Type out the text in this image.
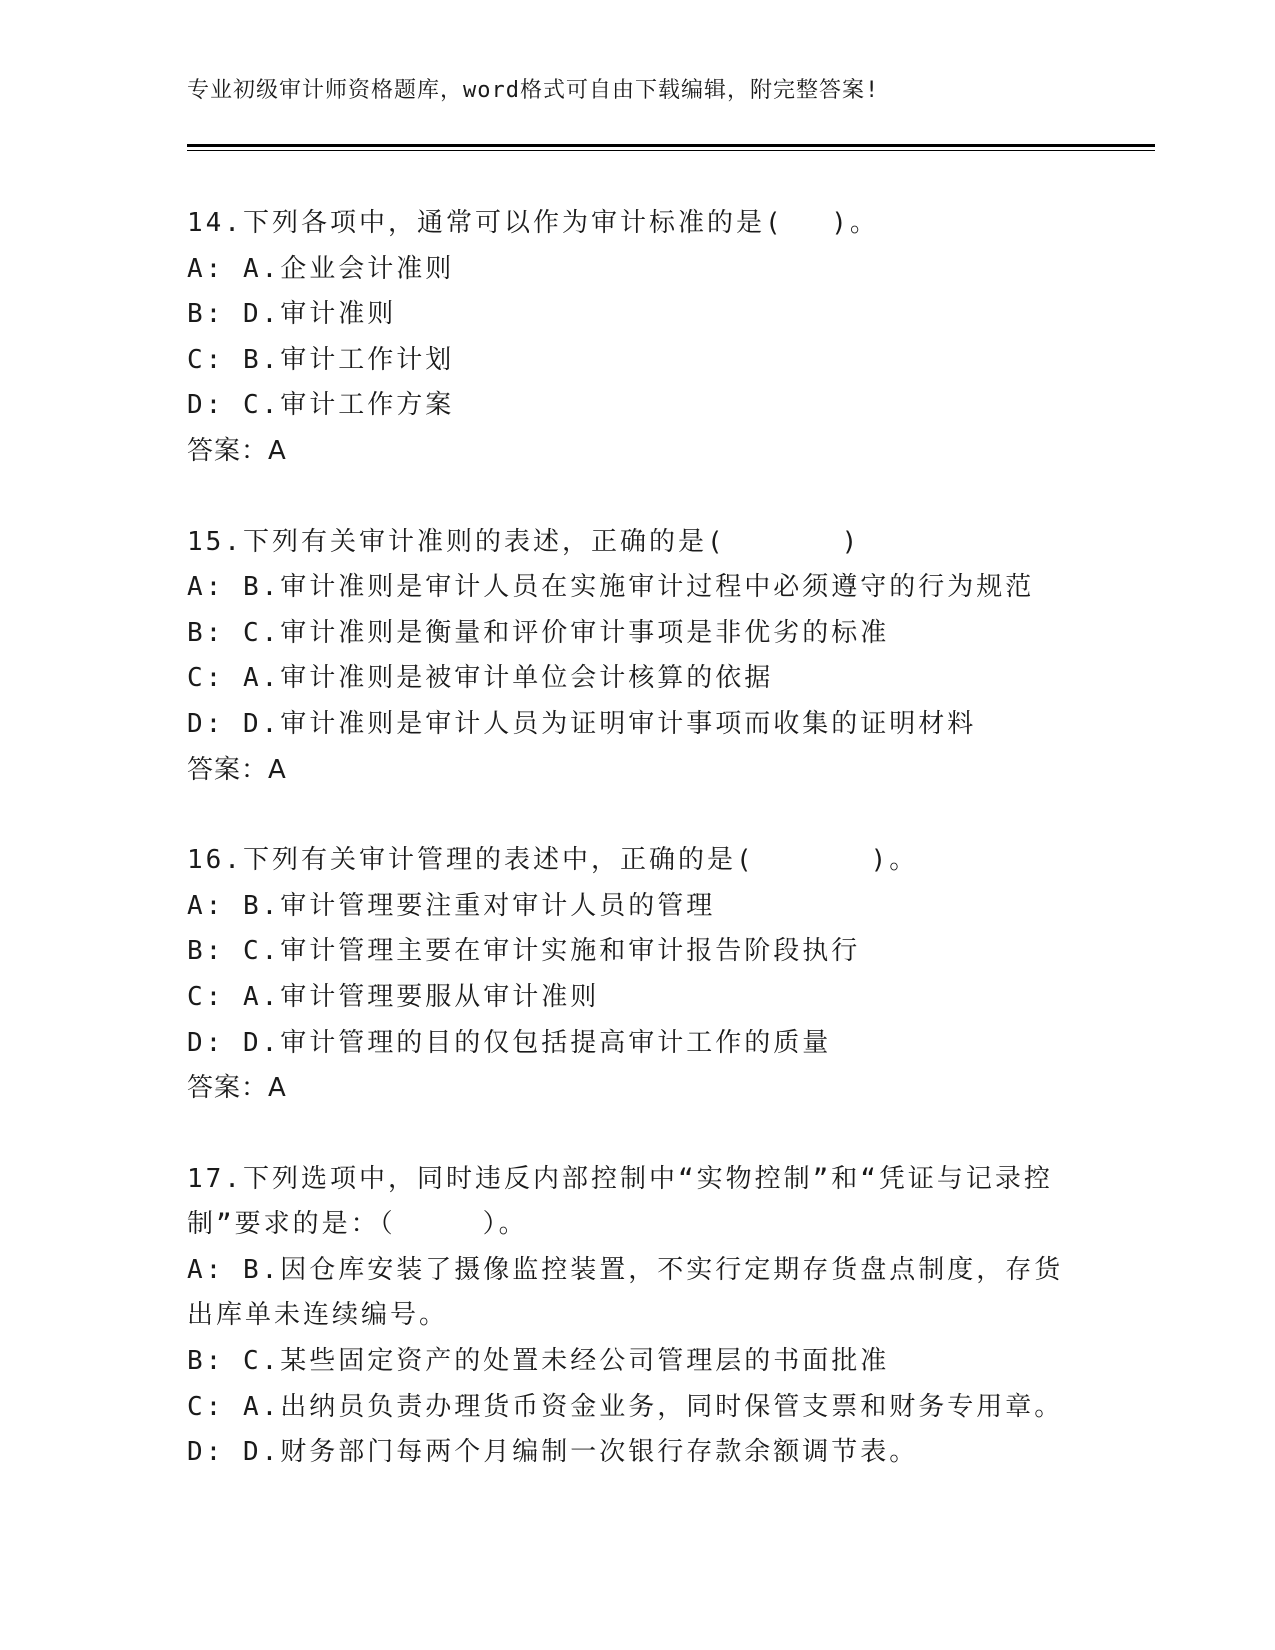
专业初级审计师资格题库，word格式可自由下载编辑，附完整答案!

14.下列各项中，通常可以作为审计标准的是(　 )。

A: A.企业会计准则

B: D.审计准则

C: B.审计工作计划

D: C.审计工作方案

答案：A

15.下列有关审计准则的表述，正确的是(　　　　)

A: B.审计准则是审计人员在实施审计过程中必须遵守的行为规范

B: C.审计准则是衡量和评价审计事项是非优劣的标准

C: A.审计准则是被审计单位会计核算的依据

D: D.审计准则是审计人员为证明审计事项而收集的证明材料

答案：A

16.下列有关审计管理的表述中，正确的是(　　　　)。

A: B.审计管理要注重对审计人员的管理

B: C.审计管理主要在审计实施和审计报告阶段执行

C: A.审计管理要服从审计准则

D: D.审计管理的目的仅包括提高审计工作的质量

答案：A

17.下列选项中，同时违反内部控制中“实物控制”和“凭证与记录控制”要求的是：（　　　）。

A: B.因仓库安装了摄像监控装置，不实行定期存货盘点制度，存货出库单未连续编号。

B: C.某些固定资产的处置未经公司管理层的书面批准

C: A.出纳员负责办理货币资金业务，同时保管支票和财务专用章。

D: D.财务部门每两个月编制一次银行存款余额调节表。
